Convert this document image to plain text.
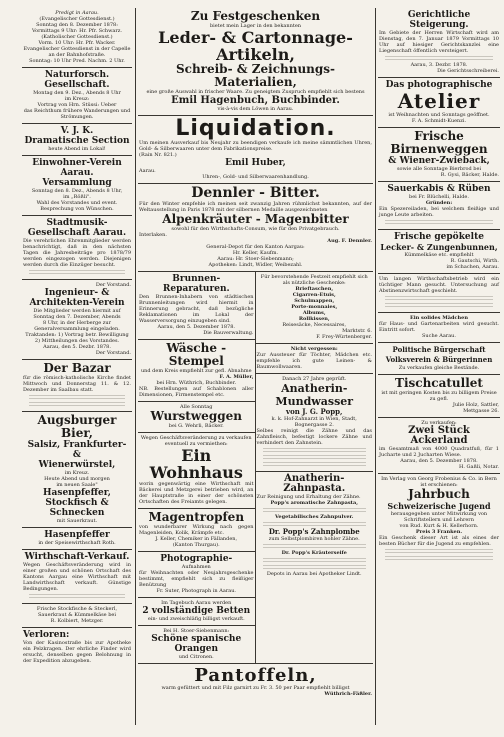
Predigt in Aarau.
(Evangelischer Gottesdienst.)
Sonntag den 8. Dezember 1878:
Vormittags 9 Uhr: Hr. Pfr. Schwarz.
(Katholischer Gottesdienst.)
Vorm. 10 Uhr: Hr. Pfr. Wacker.
Evangelischer Gottesdienst in der Capelle
an der Bahnhofstraße.
Sonntag: 10 Uhr Pred. Nachm. 2 Uhr.
Naturforsch. Gesellschaft.
Montag den 9. Dez., Abends 8 Uhr
im Kreuz:
Vortrag von Hrn. Stüssi: Ueber
das Reichthum frühere Wanderungen und
Strömungen.
V. J. K.
Dramatische Section
heute Abend im Lokal!
Einwohner-Verein Aarau.
Versammlung
Sonntag den 8. Dez., Abends 8 Uhr,
im „Rößli".
Wahl des Vorstandes und event. Besprechung von Wünschen.
Stadtmusik-Gesellschaft Aarau.
Die verehrlichen Ehrenmitglieder werden benachrichtigt, daß in den nächsten Tagen die Jahresbeiträge pro 1878/79 werden eingezogen werden. Diejenigen werden durch die Einzüger besucht.
Der Vorstand.
Ingenieur- & Architekten-Verein
Die Mitglieder werden hiermit auf
Sonntag den 7. Dezember, Abends
8 Uhr, in der Herberge zur
Generalversammlung eingeladen.
Traktanden: 1) Vortrag betr. Bewilligung
2) Mittheilungen des Vorstandes.
Aarau, den 5. Dezbr. 1878.
Der Vorstand.
Der Bazar
für die römisch-katholische Kirche findet Mittwoch und Donnerstag 11. & 12. Dezember im Saalbau statt.
Augsburger Bier,
Salsiz, Frankfurter- &
Wienerwürstel,
im Kreuz.
Heute Abend und morgen
im neuen Saale"
Hasenpfeffer,
Stockfisch & Schnecken
mit Sauerkraut.
Hasenpfeffer
in der Speisewirthschaft Roth.
Wirthschaft-Verkauf.
Wegen Geschäftsveränderung wird in einer großen und schönen Ortschaft des Kantons Aargau eine Wirthschaft mit Landwirthschaft verkauft. Günstige Bedingungen.
Frische Stockfische & Steckerl,
Sauerkraut & Kümmelkäse bei
R. Kolbiert, Metzger.
Verloren:
Von der Kasinostraße bis zur Apotheke ein Pelzkragen. Der ehrliche Finder wird ersucht, denselben gegen Belohnung in der Expedition abzugeben.
Zu Festgeschenken
bietet mein Lager in den bekannten
Leder- & Cartonnage-Artikeln,
Schreib- & Zeichnungs-Materialien,
eine große Auswahl in frischer Waare. Zu geneigtem Zuspruch empfiehlt sich bestens
Emil Hagenbuch, Buchbinder.
vis-à-vis dem Löwen in Aarau.
Liquidation.
Um meinen Ausverkauf bis Neujahr zu beendigen verkaufe ich meine sämmtlichen Uhren, Gold- & Silberwaaren unter dem Fabrikationspreise.
(Rain Nr. 821.)
Emil Huber,
Aarau.
Uhren-, Gold- und Silberwaarenhandlung.
Dennler - Bitter.
Für den Winter empfehle ich meinen seit zwanzig Jahren rühmlichst bekannten, auf der Weltausstellung in Paris 1878 mit der silbernen Medaille ausgezeichneten
Alpenkräuter - Magenbitter
sowohl für den Wirthschafts-Consum, wie für den Privatgebrauch.
Interlaken.
Aug. F. Dennler.
General-Depot für den Kanton Aargau:
Hr. Keller, Kaufm.
Aarau: Hr. Stoer-Siebenmann;
Apotheken: Lindt, Widler, Weibezahl.
Brunnen-Reparaturen.
Den Brunnen-Inhabern von städtischen Brunnenleitungen wird hiermit in Erinnerung gebracht, daß bezügliche Reklamationen im Lokal der Wasserversorgung einzugeben sind.
Aarau, den 5. Dezember 1878.
Die Bauverwaltung.
Wäsche - Stempel
und dem Kreis empfiehlt zur gefl. Abnahme
F. A. Müller,
bei Hrn. Wüthrich, Buchbinder.
NB. Bestellungen auf Schablonen aller Dimensionen, Firmenstempel etc.
Alle Sonntag
Wurstweggen
bei G. Wehrli, Bäcker.
Wegen Geschäftsveränderung zu verkaufen eventuell zu vermiethen:
Ein Wohnhaus
worin gegenwärtig eine Wirthschaft mit Bäckerei und Metzgerei betrieben wird, an der Hauptstraße in einer der schönsten Ortschaften des Freiamts gelegen.
Magentropfen
von wunderbarer Wirkung nach gegen Magenleiden, Kolik, Krämpfe etc.
J. Keller, Chemiker in Fällanden,
(Kanton Thurgau).
Photographie-
Aufnahmen
für Weihnachten oder Neujahrsgeschenke bestimmt, empfiehlt sich zu fleißiger Benützung
Fr. Suter, Photograph in Aarau.
Im Tagebuch Aarau werden
2 vollständige Betten
ein- und zweischläfig billigst verkauft.
Bei H. Stoer-Siebenmann:
Schöne spanische Orangen
und Citronen.
Für bevorstehende Festzeit empfiehlt sich als nützliche Geschenke:
Brieftaschen,
Cigarren-Etuis,
Schulmappen,
Porte-monnaies,
Albums,
Rollkissen,
Reisesäcke, Necessaires,
Marktstr. 6.
F. Frey-Würtenberger.
Nicht vergessen:
Zur Aussteuer für Töchter, Mädchen etc. empfehle ich gute Leinen- & Baumwollwaaren.
Danach 27 Jahre geprüft.
Anatherin-Mundwasser
von J. G. Popp,
k. k. Hof-Zahnarzt in Wien, Stadt, Bognergasse 2.
Selbes reinigt die Zähne und das Zahnfleisch, befestigt lockere Zähne und verhindert den Zahnstein.
Anatherin-Zahnpasta.
Zur Reinigung und Erhaltung der Zähne.
Popp's aromatische Zahnpasta,
Vegetabilisches Zahnpulver.
Dr. Popp's Zahnplombe
zum Selbstplombiren hohler Zähne.
Dr. Popp's Kräuterseife
Depots in Aarau bei Apotheker Lindt.
Pantoffeln,
warm gefüttert und mit Filz garnirt zu Fr. 3. 50 per Paar empfiehlt billigst
Wüthrich-Fäßler.
Gerichtliche Steigerung.
Im Gebiete der Herren Wirtschaft wird am Dienstag, den 7. Januar 1879 Vormittags 10 Uhr auf hiesiger Gerichtskanzlei eine Liegenschaft öffentlich versteigert.
Aarau, 3. Dezbr. 1878.
Die Gerichtsschreiberei.
Das photographische
Atelier
ist Weihnachten und Sonntags geöffnet.
F. A. Schmidt-Kuenzi.
Frische Birnenweggen
& Wiener-Zwieback,
sowie alle Sonntage Bierbrod bei
R. Gysi, Bäcker, Halde.
Sauerkabis & Rüben
bei Fr. Blüchelli, Halde.
Gründen:
Ein Spezereiladen, bei welchem fleißige und junge Leute arbeiten.
Frische gepökelte
Lecker- & Zungenbunnen,
Kümmelkäse etc. empfiehlt
R. Gautschi, Wirth.
im Schachen, Aarau.
Um langen Wirthschaftsbetrieb wird ein tüchtiger Mann gesucht. Untersuchung auf Abstinenzwirtschaft geschieht.
Ein solides Mädchen
für Haus- und Gartenarbeiten wird gesucht. Eintritt sofort.
Suche Aarau.
Politische Bürgerschaft
Volksverein & Bürgerinnen
Zu verkaufen gleiche Bestände.
Tischcatullet
ist mit geringen Kosten bis zu billigem Preise zu gefl.
Julie Holz, Sattler,
Mettgasse 26.
Zu verkaufen:
Zwei Stück Ackerland
im Gesamtmaß von 4000 Quadratfuß, für 1 Jucharte und 2 Jucharten Wiese.
Aarau, den 5. Dezember 1878.
H. Gaßli, Notar.
Im Verlag von Georg Frobenius & Co. in Bern ist erschienen:
Jahrbuch
Schweizerische Jugend
herausgegeben unter Mitwirkung von Schriftstellern und Lehrern
von Rud. Kurt & H. Kellerhorn.
Preis 3 Franken.
Ein Geschenk dieser Art ist als eines der besten Bücher für die Jugend zu empfehlen.
